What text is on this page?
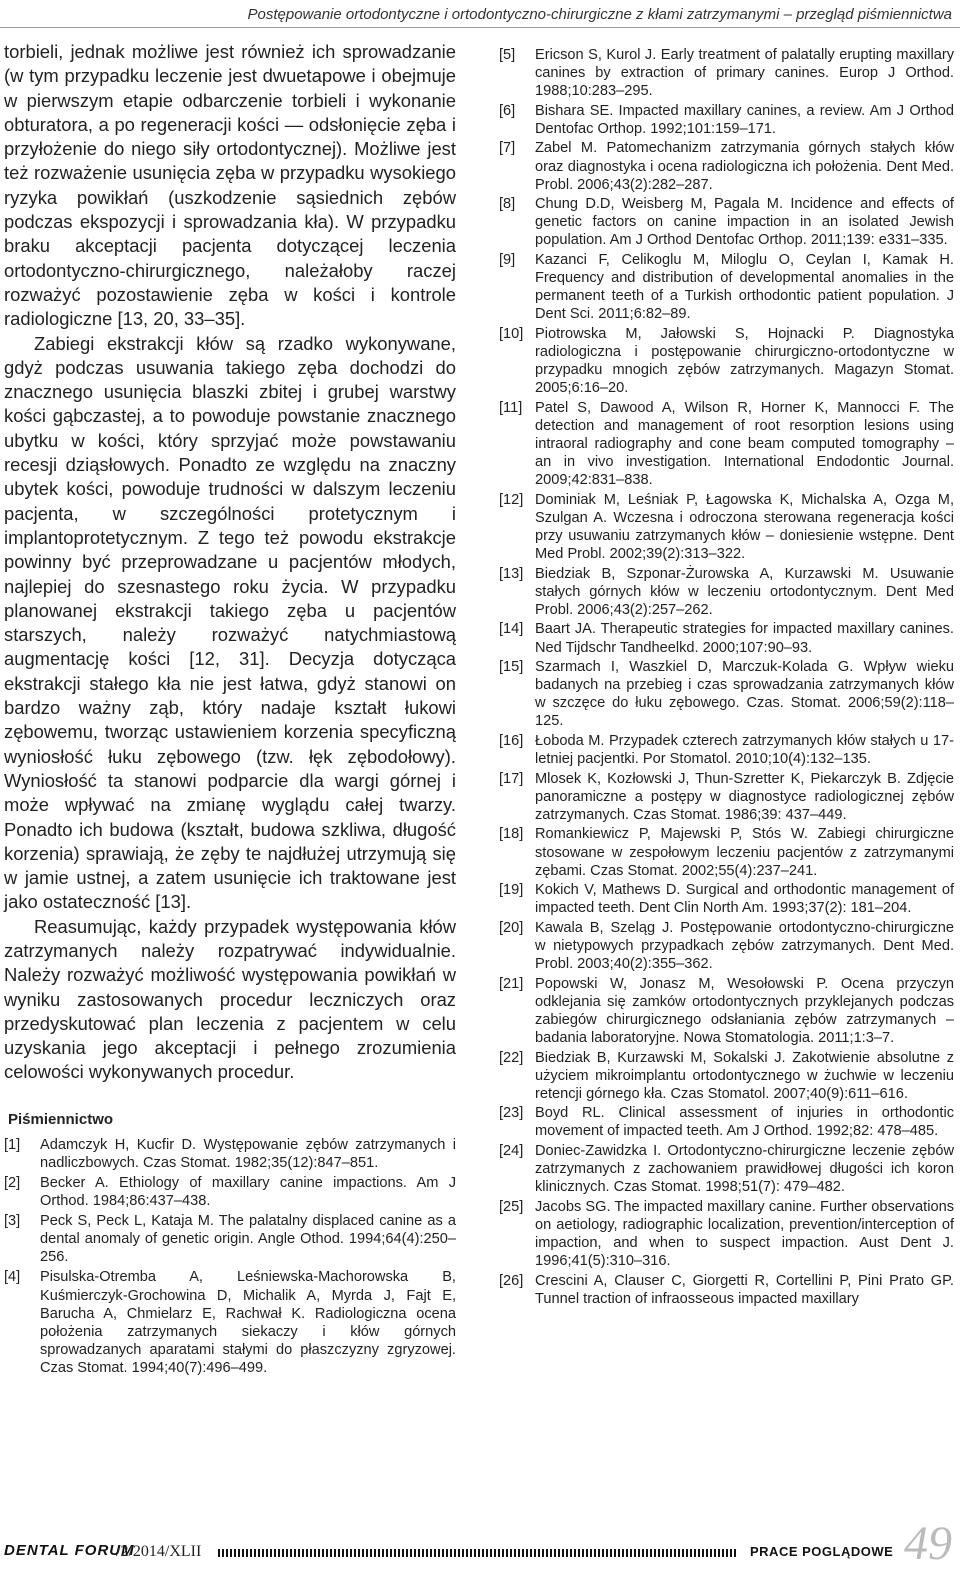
Postępowanie ortodontyczne i ortodontyczno-chirurgiczne z kłami zatrzymanymi – przegląd piśmiennictwa

torbieli, jednak możliwe jest również ich sprowadzanie (w tym przypadku leczenie jest dwuetapowe i obejmuje w pierwszym etapie odbarczenie torbieli i wykonanie obturatora, a po regeneracji kości — odsłonięcie zęba i przyłożenie do niego siły ortodontycznej). Możliwe jest też rozważenie usunięcia zęba w przypadku wysokiego ryzyka powikłań (uszkodzenie sąsiednich zębów podczas ekspozycji i sprowadzania kła). W przypadku braku akceptacji pacjenta dotyczącej leczenia ortodontyczno-chirurgicznego, należałoby raczej rozważyć pozostawienie zęba w kości i kontrole radiologiczne [13, 20, 33–35].

Zabiegi ekstrakcji kłów są rzadko wykonywane, gdyż podczas usuwania takiego zęba dochodzi do znacznego usunięcia blaszki zbitej i grubej warstwy kości gąbczastej, a to powoduje powstanie znacznego ubytku w kości, który sprzyjać może powstawaniu recesji dziąsłowych. Ponadto ze względu na znaczny ubytek kości, powoduje trudności w dalszym leczeniu pacjenta, w szczególności protetycznym i implantoprotetycznym. Z tego też powodu ekstrakcje powinny być przeprowadzane u pacjentów młodych, najlepiej do szesnastego roku życia. W przypadku planowanej ekstrakcji takiego zęba u pacjentów starszych, należy rozważyć natychmiastową augmentację kości [12, 31]. Decyzja dotycząca ekstrakcji stałego kła nie jest łatwa, gdyż stanowi on bardzo ważny ząb, który nadaje kształt łukowi zębowemu, tworząc ustawieniem korzenia specyficzną wyniosłość łuku zębowego (tzw. łęk zębodołowy). Wyniosłość ta stanowi podparcie dla wargi górnej i może wpływać na zmianę wyglądu całej twarzy. Ponadto ich budowa (kształt, budowa szkliwa, długość korzenia) sprawiają, że zęby te najdłużej utrzymują się w jamie ustnej, a zatem usunięcie ich traktowane jest jako ostateczność [13].

Reasumując, każdy przypadek występowania kłów zatrzymanych należy rozpatrywać indywidualnie. Należy rozważyć możliwość występowania powikłań w wyniku zastosowanych procedur leczniczych oraz przedyskutować plan leczenia z pacjentem w celu uzyskania jego akceptacji i pełnego zrozumienia celowości wykonywanych procedur.

Piśmiennictwo
[1]	Adamczyk H, Kucfir D. Występowanie zębów zatrzymanych i nadliczbowych. Czas Stomat. 1982;35(12):847–851.
[2]	Becker A. Ethiology of maxillary canine impactions. Am J Orthod. 1984;86:437–438.
[3]	Peck S, Peck L, Kataja M. The palatalny displaced canine as a dental anomaly of genetic origin. Angle Othod. 1994;64(4):250–256.
[4]	Pisulska-Otremba A, Leśniewska-Machorowska B, Kuśmierczyk-Grochowina D, Michalik A, Myrda J, Fajt E, Barucha A, Chmielarz E, Rachwał K. Radiologiczna ocena położenia zatrzymanych siekaczy i kłów górnych sprowadzanych aparatami stałymi do płaszczyzny zgryzowej. Czas Stomat. 1994;40(7):496–499.
[5]	Ericson S, Kurol J. Early treatment of palatally erupting maxillary canines by extraction of primary canines. Europ J Orthod. 1988;10:283–295.
[6]	Bishara SE. Impacted maxillary canines, a review. Am J Orthod Dentofac Orthop. 1992;101:159–171.
[7]	Zabel M. Patomechanizm zatrzymania górnych stałych kłów oraz diagnostyka i ocena radiologiczna ich położenia. Dent Med. Probl. 2006;43(2):282–287.
[8]	Chung D.D, Weisberg M, Pagala M. Incidence and effects of genetic factors on canine impaction in an isolated Jewish population. Am J Orthod Dentofac Orthop. 2011;139: e331–335.
[9]	Kazanci F, Celikoglu M, Miloglu O, Ceylan I, Kamak H. Frequency and distribution of developmental anomalies in the permanent teeth of a Turkish orthodontic patient population. J Dent Sci. 2011;6:82–89.
[10] Piotrowska M, Jałowski S, Hojnacki P. Diagnostyka radiologiczna i postępowanie chirurgiczno-ortodontyczne w przypadku mnogich zębów zatrzymanych. Magazyn Stomat. 2005;6:16–20.
[11] Patel S, Dawood A, Wilson R, Horner K, Mannocci F. The detection and management of root resorption lesions using intraoral radiography and cone beam computed tomography – an in vivo investigation. International Endodontic Journal. 2009;42:831–838.
[12] Dominiak M, Leśniak P, Łagowska K, Michalska A, Ozga M, Szulgan A. Wczesna i odroczona sterowana regeneracja kości przy usuwaniu zatrzymanych kłów – doniesienie wstępne. Dent Med Probl. 2002;39(2):313–322.
[13] Biedziak B, Szponar-Żurowska A, Kurzawski M. Usuwanie stałych górnych kłów w leczeniu ortodontycznym. Dent Med Probl. 2006;43(2):257–262.
[14] Baart JA. Therapeutic strategies for impacted maxillary canines. Ned Tijdschr Tandheelkd. 2000;107:90–93.
[15] Szarmach I, Waszkiel D, Marczuk-Kolada G. Wpływ wieku badanych na przebieg i czas sprowadzania zatrzymanych kłów w szczęce do łuku zębowego. Czas. Stomat. 2006;59(2):118–125.
[16] Łoboda M. Przypadek czterech zatrzymanych kłów stałych u 17-letniej pacjentki. Por Stomatol. 2010;10(4):132–135.
[17] Mlosek K, Kozłowski J, Thun-Szretter K, Piekarczyk B. Zdjęcie panoramiczne a postępy w diagnostyce radiologicznej zębów zatrzymanych. Czas Stomat. 1986;39: 437–449.
[18] Romankiewicz P, Majewski P, Stós W. Zabiegi chirurgiczne stosowane w zespołowym leczeniu pacjentów z zatrzymanymi zębami. Czas Stomat. 2002;55(4):237–241.
[19] Kokich V, Mathews D. Surgical and orthodontic management of impacted teeth. Dent Clin North Am. 1993;37(2): 181–204.
[20] Kawala B, Szeląg J. Postępowanie ortodontyczno-chirurgiczne w nietypowych przypadkach zębów zatrzymanych. Dent Med. Probl. 2003;40(2):355–362.
[21] Popowski W, Jonasz M, Wesołowski P. Ocena przyczyn odklejania się zamków ortodontycznych przyklejanych podczas zabiegów chirurgicznego odsłaniania zębów zatrzymanych – badania laboratoryjne. Nowa Stomatologia. 2011;1:3–7.
[22] Biedziak B, Kurzawski M, Sokalski J. Zakotwienie absolutne z użyciem mikroimplantu ortodontycznego w żuchwie w leczeniu retencji górnego kła. Czas Stomatol. 2007;40(9):611–616.
[23] Boyd RL. Clinical assessment of injuries in orthodontic movement of impacted teeth. Am J Orthod. 1992;82: 478–485.
[24] Doniec-Zawidzka I. Ortodontyczno-chirurgiczne leczenie zębów zatrzymanych z zachowaniem prawidłowej długości ich koron klinicznych. Czas Stomat. 1998;51(7): 479–482.
[25] Jacobs SG. The impacted maxillary canine. Further observations on aetiology, radiographic localization, prevention/interception of impaction, and when to suspect impaction. Aust Dent J. 1996;41(5):310–316.
[26] Crescini A, Clauser C, Giorgetti R, Cortellini P, Pini Prato GP. Tunnel traction of infraosseous impacted maxillary
DENTAL FORUM
/2/2014/XLII	PRACE POGLĄDOWE 49
